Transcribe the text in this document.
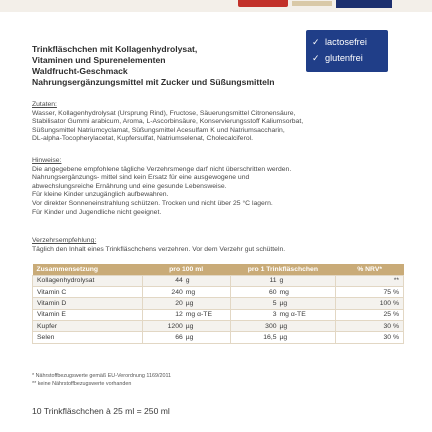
Trinkfläschchen mit Kollagenhydrolysat,
Vitaminen und Spurenelementen
Waldfrucht-Geschmack
Nahrungsergänzungsmittel mit Zucker und Süßungsmitteln
✓ lactosefrei
✓ glutenfrei
Zutaten:
Wasser, Kollagenhydrolysat (Ursprung Rind), Fructose, Säuerungsmittel Citronensäure,
Stabilisator Gummi arabicum, Aroma, L-Ascorbinsäure, Konservierungsstoff Kaliumsorbat,
Süßungsmittel Natriumcyclamat, Süßungsmittel Acesulfam K und Natriumsaccharin,
DL-alpha-Tocopherylacetat, Kupfersulfat, Natriumselenat, Cholecalciferol.
Hinweise:
Die angegebene empfohlene tägliche Verzehrsmenge darf nicht überschritten werden.
Nahrungsergänzungs- mittel sind kein Ersatz für eine ausgewogene und
abwechslungsreiche Ernährung und eine gesunde Lebensweise.
Für kleine Kinder unzugänglich aufbewahren.
Vor direkter Sonneneinstrahlung schützen. Trocken und nicht über 25 °C lagern.
Für Kinder und Jugendliche nicht geeignet.
Verzehrsempfehlung:
Täglich den Inhalt eines Trinkfläschchens verzehren. Vor dem Verzehr gut schütteln.
Zusammensetzung	pro 100 ml	pro 1 Trinkfläschchen	% NRV*
Kollagenhydrolysat	44 g	11 g	**
Vitamin C	240 mg	60 mg	75 %
Vitamin D	20 µg	5 µg	100 %
Vitamin E	12 mg α-TE	3 mg α-TE	25 %
Kupfer	1200 µg	300 µg	30 %
Selen	66 µg	16,5 µg	30 %
* Nährstoffbezugswerte gemäß EU-Verordnung 1169/2011
** keine Nährstoffbezugswerte vorhanden
10 Trinkfläschchen à 25 ml = 250 ml
